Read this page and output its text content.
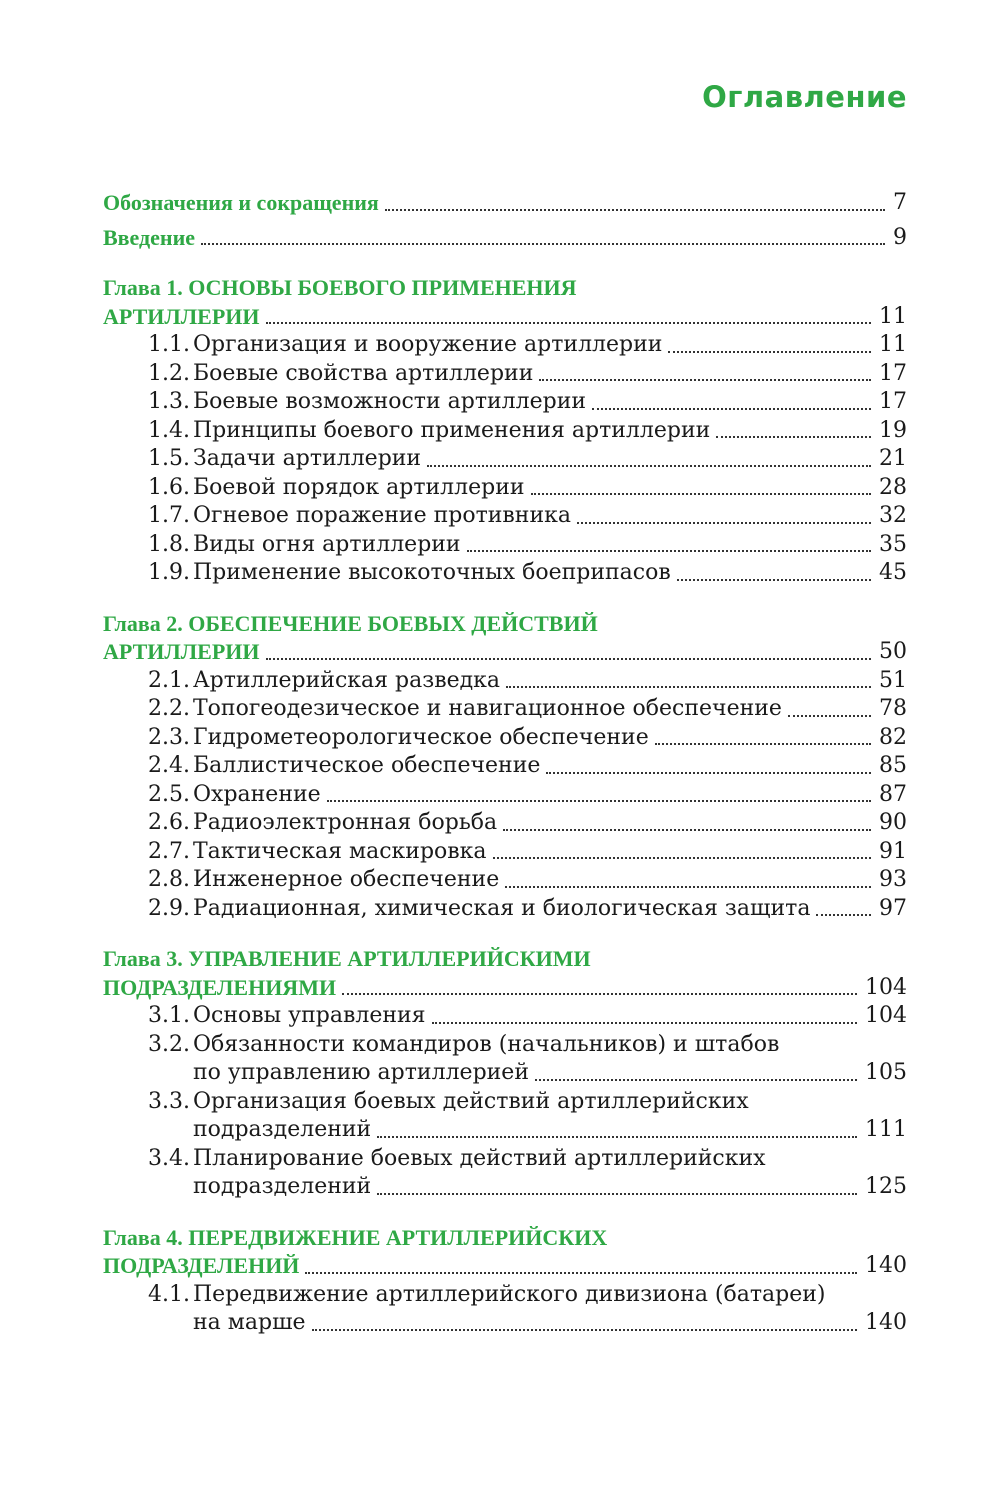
Оглавление
Обозначения и сокращения	7
Введение	9
Глава 1. ОСНОВЫ БОЕВОГО ПРИМЕНЕНИЯ
АРТИЛЛЕРИИ	11
1.1. Организация и вооружение артиллерии	11
1.2. Боевые свойства артиллерии	17
1.3. Боевые возможности артиллерии	17
1.4. Принципы боевого применения артиллерии	19
1.5. Задачи артиллерии	21
1.6. Боевой порядок артиллерии	28
1.7. Огневое поражение противника	32
1.8. Виды огня артиллерии	35
1.9. Применение высокоточных боеприпасов	45
Глава 2. ОБЕСПЕЧЕНИЕ БОЕВЫХ ДЕЙСТВИЙ
АРТИЛЛЕРИИ	50
2.1. Артиллерийская разведка	51
2.2. Топогеодезическое и навигационное обеспечение	78
2.3. Гидрометеорологическое обеспечение	82
2.4. Баллистическое обеспечение	85
2.5. Охранение	87
2.6. Радиоэлектронная борьба	90
2.7. Тактическая маскировка	91
2.8. Инженерное обеспечение	93
2.9. Радиационная, химическая и биологическая защита	97
Глава 3. УПРАВЛЕНИЕ АРТИЛЛЕРИЙСКИМИ
ПОДРАЗДЕЛЕНИЯМИ	104
3.1. Основы управления	104
3.2. Обязанности командиров (начальников) и штабов
по управлению артиллерией	105
3.3. Организация боевых действий артиллерийских
подразделений	111
3.4. Планирование боевых действий артиллерийских
подразделений	125
Глава 4. ПЕРЕДВИЖЕНИЕ АРТИЛЛЕРИЙСКИХ
ПОДРАЗДЕЛЕНИЙ	140
4.1. Передвижение артиллерийского дивизиона (батареи)
на марше	140
